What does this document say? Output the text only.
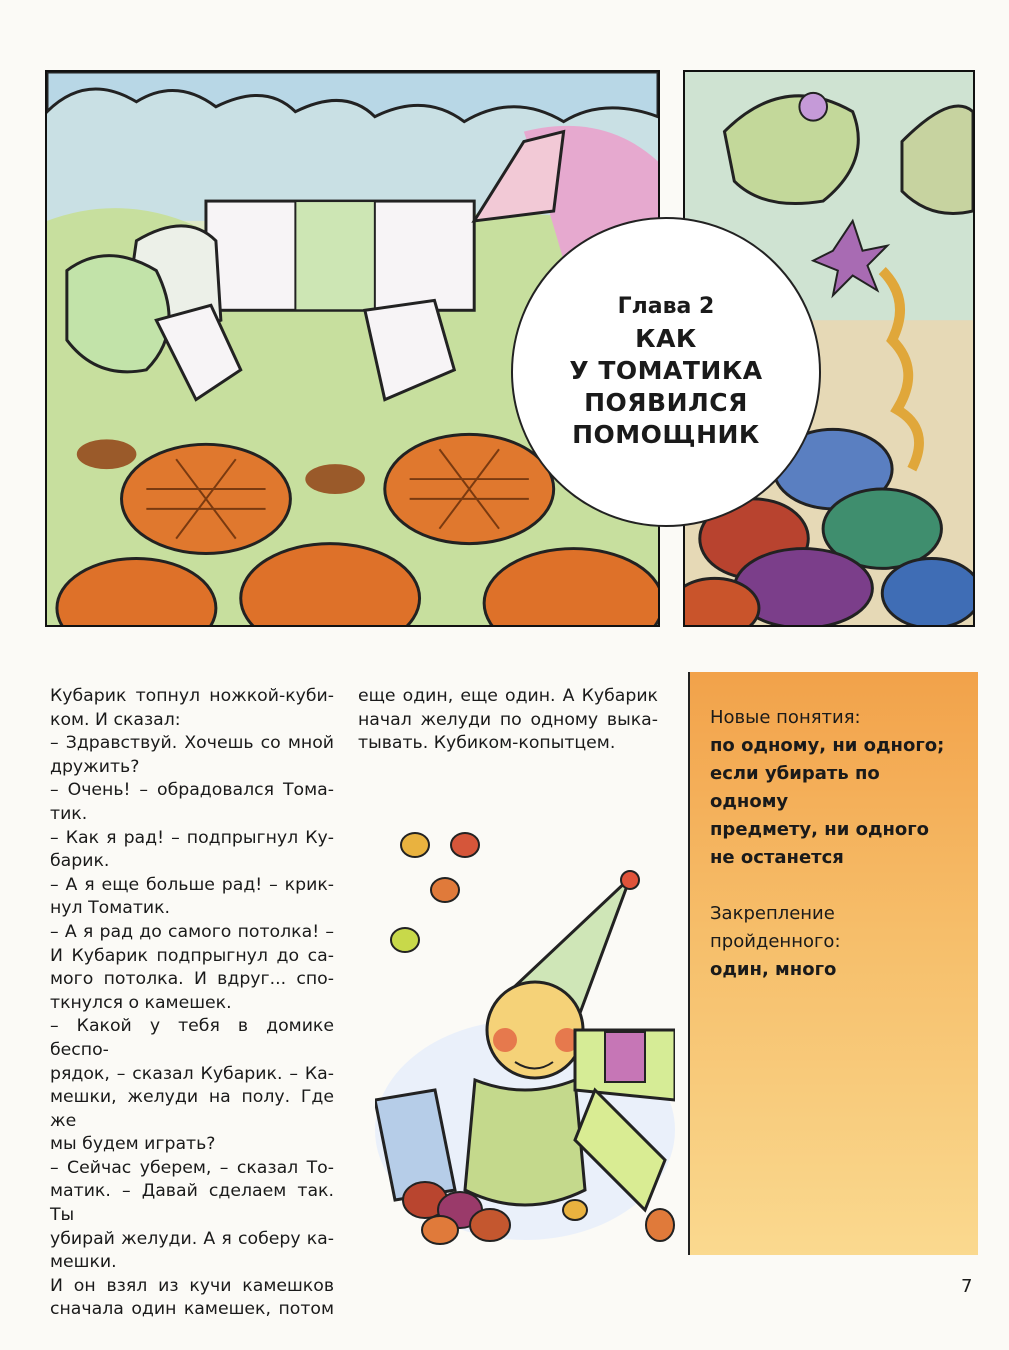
Глава 2
КАК
У ТОМАТИКА
ПОЯВИЛСЯ
ПОМОЩНИК

Новые понятия:

по одному, ни одного;

если убирать по одному

предмету, ни одного

не останется

Закрепление

пройденного:

один, много

Кубарик топнул ножкой-куби-
ком. И сказал:
– Здравствуй. Хочешь со мной
дружить?
– Очень! – обрадовался Тома-
тик.
– Как я рад! – подпрыгнул Ку-
барик.
– А я еще больше рад! – крик-
нул Томатик.
– А я рад до самого потолка! –
И Кубарик подпрыгнул до са-
мого потолка. И вдруг... спо-
ткнулся о камешек.
– Какой у тебя в домике беспо-
рядок, – сказал Кубарик. – Ка-
мешки, желуди на полу. Где же
мы будем играть?
– Сейчас уберем, – сказал То-
матик. – Давай сделаем так. Ты
убирай желуди. А я соберу ка-
мешки.
И он взял из кучи камешков
сначала один камешек, потом
еще один, еще один. А Кубарик
начал желуди по одному выка-
тывать. Кубиком-копытцем.
7
